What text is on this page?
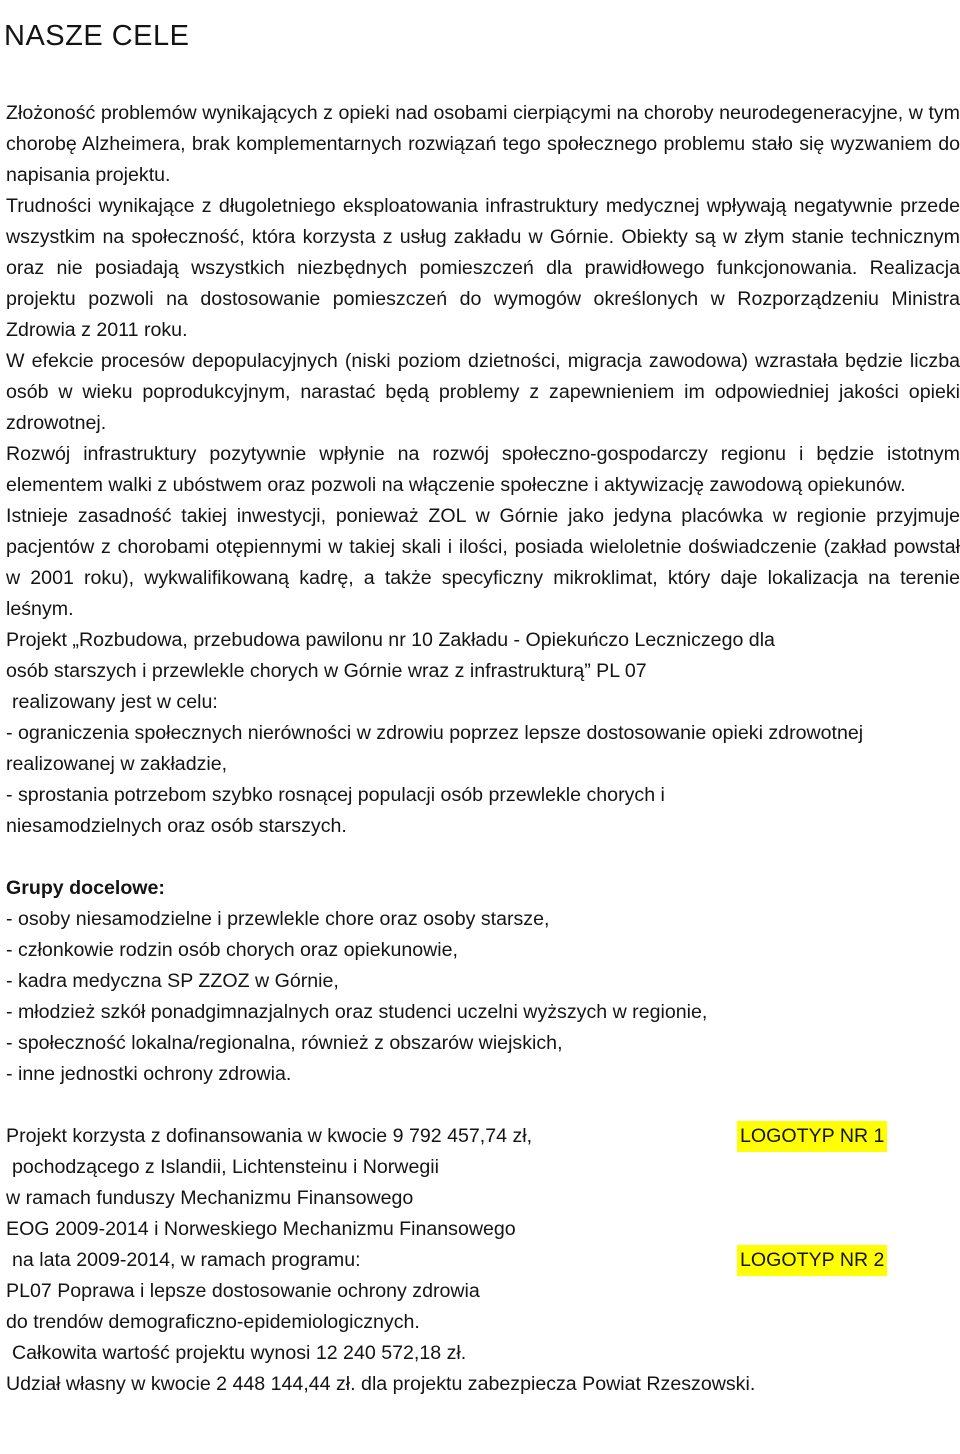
NASZE CELE

Złożoność problemów wynikających z opieki nad osobami cierpiącymi na choroby neurodegeneracyjne, w tym chorobę Alzheimera, brak komplementarnych rozwiązań tego społecznego problemu stało się wyzwaniem do napisania projektu.

Trudności wynikające z długoletniego eksploatowania infrastruktury medycznej wpływają negatywnie przede wszystkim na społeczność, która korzysta z usług zakładu w Górnie. Obiekty są w złym stanie technicznym oraz nie posiadają wszystkich niezbędnych pomieszczeń dla prawidłowego funkcjonowania. Realizacja projektu pozwoli na dostosowanie pomieszczeń do wymogów określonych w Rozporządzeniu Ministra Zdrowia z 2011 roku.

W efekcie procesów depopulacyjnych (niski poziom dzietności, migracja zawodowa) wzrastała będzie liczba osób w wieku poprodukcyjnym, narastać będą problemy z zapewnieniem im odpowiedniej jakości opieki zdrowotnej.

Rozwój infrastruktury pozytywnie wpłynie na rozwój społeczno-gospodarczy regionu i będzie istotnym elementem walki z ubóstwem oraz pozwoli na włączenie społeczne i aktywizację zawodową opiekunów.

Istnieje zasadność takiej inwestycji, ponieważ ZOL w Górnie jako jedyna placówka w regionie przyjmuje pacjentów z chorobami otępiennymi w takiej skali i ilości, posiada wieloletnie doświadczenie (zakład powstał w 2001 roku), wykwalifikowaną kadrę, a także specyficzny mikroklimat, który daje lokalizacja na terenie leśnym.

Projekt „Rozbudowa, przebudowa pawilonu nr 10 Zakładu - Opiekuńczo Leczniczego dla

osób starszych i przewlekle chorych w Górnie wraz z infrastrukturą” PL 07

realizowany jest w celu:

- ograniczenia społecznych nierówności w zdrowiu poprzez lepsze dostosowanie opieki zdrowotnej realizowanej w zakładzie,

- sprostania potrzebom szybko rosnącej populacji osób przewlekle chorych i niesamodzielnych oraz osób starszych.

Grupy docelowe:

- osoby niesamodzielne i przewlekle chore oraz osoby starsze,

- członkowie rodzin osób chorych oraz opiekunowie,

- kadra medyczna SP ZZOZ w Górnie,

- młodzież szkół ponadgimnazjalnych oraz studenci uczelni wyższych w regionie,

- społeczność lokalna/regionalna, również z obszarów wiejskich,

- inne jednostki ochrony zdrowia.

Projekt korzysta z dofinansowania w kwocie 9 792 457,74 zł,	LOGOTYP NR 1

pochodzącego z Islandii, Lichtensteinu i Norwegii

w ramach funduszy Mechanizmu Finansowego

EOG 2009-2014 i Norweskiego Mechanizmu Finansowego

na lata 2009-2014, w ramach programu:	LOGOTYP NR 2

PL07 Poprawa i lepsze dostosowanie ochrony zdrowia

do trendów demograficzno-epidemiologicznych.

Całkowita wartość projektu wynosi 12 240 572,18 zł.

Udział własny w kwocie 2 448 144,44 zł. dla projektu zabezpiecza Powiat Rzeszowski.
